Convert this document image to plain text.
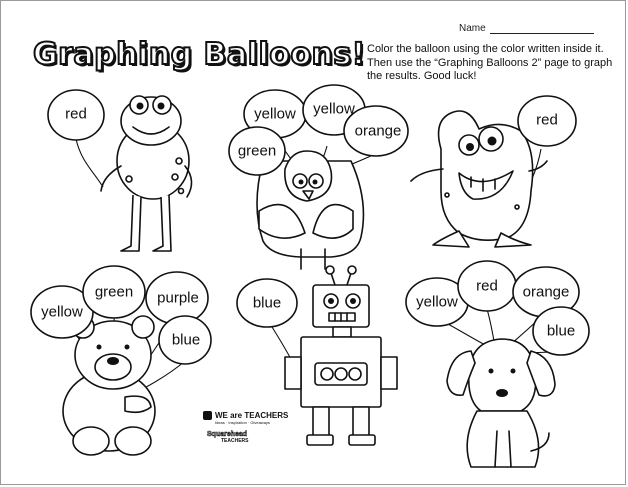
Name
Graphing Balloons! Color the balloon using the color written inside it. Then use the “Graphing Balloons 2” page to graph the results. Good luck!
red	yellow yellow
orange
green
red
yellow
green purple
blue
blue	yellow
red orange
blue
WE are TEACHERS
Ideas · Inspiration · Giveaways
Squarehead
TEACHERS
